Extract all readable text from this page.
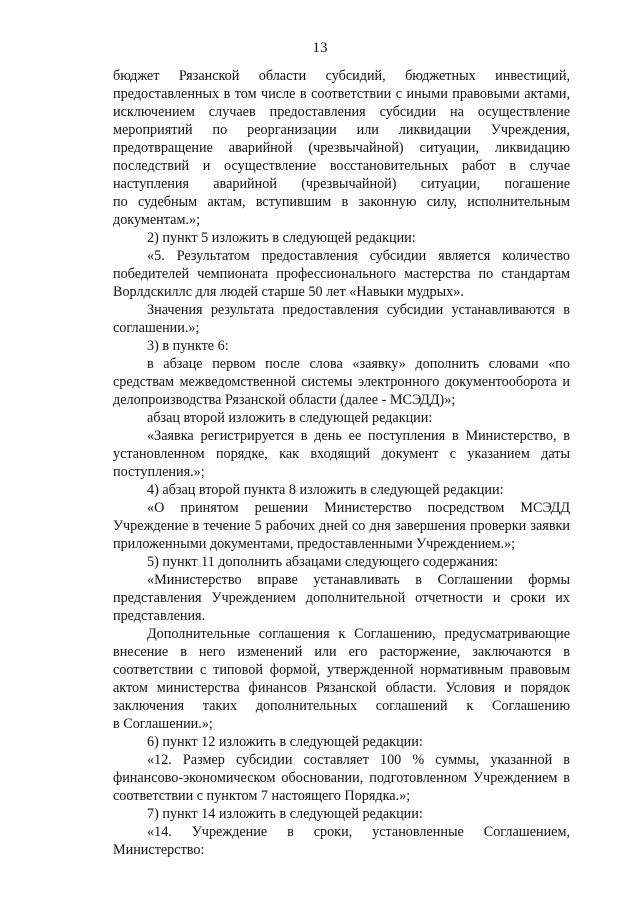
13
бюджет Рязанской области субсидий, бюджетных инвестиций,
предоставленных в том числе в соответствии с иными правовыми актами,
исключением случаев предоставления субсидии на осуществление
мероприятий по реорганизации или ликвидации Учреждения,
предотвращение аварийной (чрезвычайной) ситуации, ликвидацию
последствий и осуществление восстановительных работ в случае
наступления аварийной (чрезвычайной) ситуации, погашение
по судебным актам, вступившим в законную силу, исполнительным
документам.»;
2) пункт 5 изложить в следующей редакции:
«5. Результатом предоставления субсидии является количество
победителей чемпионата профессионального мастерства по стандартам
Ворлдскиллс для людей старше 50 лет «Навыки мудрых».
Значения результата предоставления субсидии устанавливаются в
соглашении.»;
3) в пункте 6:
в абзаце первом после слова «заявку» дополнить словами «по
средствам межведомственной системы электронного документооборота и
делопроизводства Рязанской области (далее - МСЭДД)»;
абзац второй изложить в следующей редакции:
«Заявка регистрируется в день ее поступления в Министерство, в
установленном порядке, как входящий документ с указанием даты
поступления.»;
4) абзац второй пункта 8 изложить в следующей редакции:
«О принятом решении Министерство посредством МСЭДД
Учреждение в течение 5 рабочих дней со дня завершения проверки заявки
приложенными документами, предоставленными Учреждением.»;
5) пункт 11 дополнить абзацами следующего содержания:
«Министерство вправе устанавливать в Соглашении формы
представления Учреждением дополнительной отчетности и сроки их
представления.
Дополнительные соглашения к Соглашению, предусматривающие
внесение в него изменений или его расторжение, заключаются в
соответствии с типовой формой, утвержденной нормативным правовым
актом министерства финансов Рязанской области. Условия и порядок
заключения таких дополнительных соглашений к Соглашению
в Соглашении.»;
6) пункт 12 изложить в следующей редакции:
«12. Размер субсидии составляет 100 % суммы, указанной в
финансово-экономическом обосновании, подготовленном Учреждением в
соответствии с пунктом 7 настоящего Порядка.»;
7) пункт 14 изложить в следующей редакции:
«14. Учреждение в сроки, установленные Соглашением,
Министерство:
